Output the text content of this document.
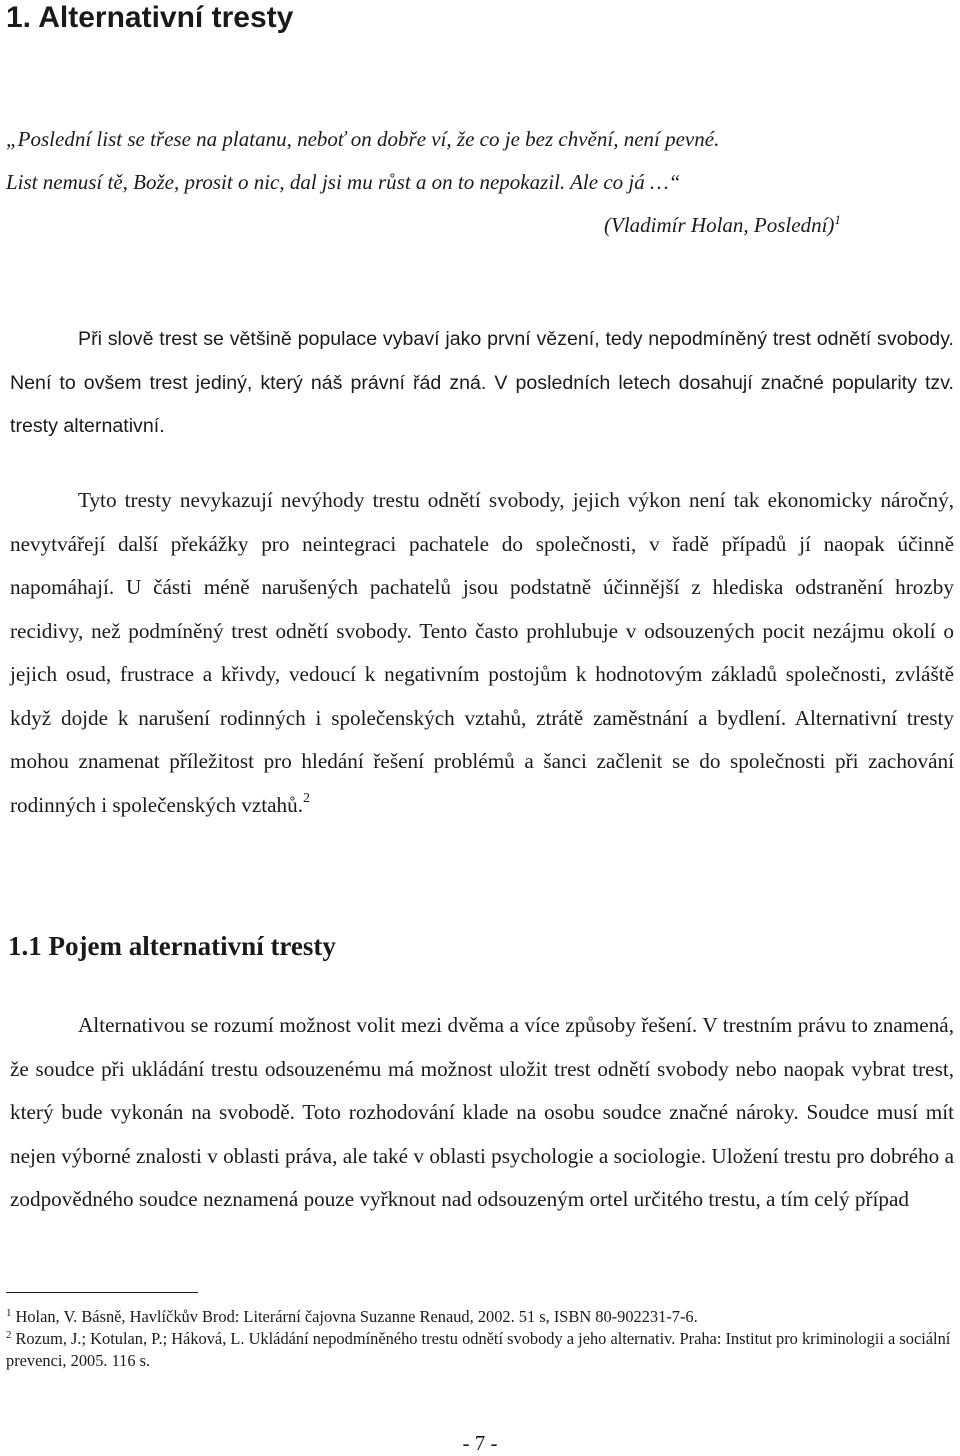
1. Alternativní tresty
„Poslední list se třese na platanu, neboť on dobře ví, že co je bez chvění, není pevné.
List nemusí tě, Bože, prosit o nic, dal jsi mu růst a on to nepokazil. Ale co já …“

(Vladimír Holan, Poslední)$^1$

Při slově trest se většině populace vybaví jako první vězení, tedy nepodmíněný trest odnětí svobody. Není to ovšem trest jediný, který náš právní řád zná. V posledních letech dosahují značné popularity tzv. tresty alternativní.

Tyto tresty nevykazují nevýhody trestu odnětí svobody, jejich výkon není tak ekonomicky náročný, nevytvářejí další překážky pro neintegraci pachatele do společnosti, v řadě případů jí naopak účinně napomáhají. U části méně narušených pachatelů jsou podstatně účinnější z hlediska odstranění hrozby recidivy, než podmíněný trest odnětí svobody. Tento často prohlubuje v odsouzených pocit nezájmu okolí o jejich osud, frustrace a křivdy, vedoucí k negativním postojům k hodnotovým základů společnosti, zvláště když dojde k narušení rodinných i společenských vztahů, ztrátě zaměstnání a bydlení. Alternativní tresty mohou znamenat příležitost pro hledání řešení problémů a šanci začlenit se do společnosti při zachování rodinných i společenských vztahů.$^2$

1.1 Pojem alternativní tresty

Alternativou se rozumí možnost volit mezi dvěma a více způsoby řešení. V trestním právu to znamená, že soudce při ukládání trestu odsouzenému má možnost uložit trest odnětí svobody nebo naopak vybrat trest, který bude vykonán na svobodě. Toto rozhodování klade na osobu soudce značné nároky. Soudce musí mít nejen výborné znalosti v oblasti práva, ale také v oblasti psychologie a sociologie. Uložení trestu pro dobrého a zodpovědného soudce neznamená pouze vyřknout nad odsouzeným ortel určitého trestu, a tím celý případ

$^1$ Holan, V. Básně, Havlíčkův Brod: Literární čajovna Suzanne Renaud, 2002. 51 s, ISBN 80-902231-7-6.

$^2$ Rozum, J.; Kotulan, P.; Háková, L. Ukládání nepodmíněného trestu odnětí svobody a jeho alternativ. Praha: Institut pro kriminologii a sociální prevenci, 2005. 116 s.

- 7 -
